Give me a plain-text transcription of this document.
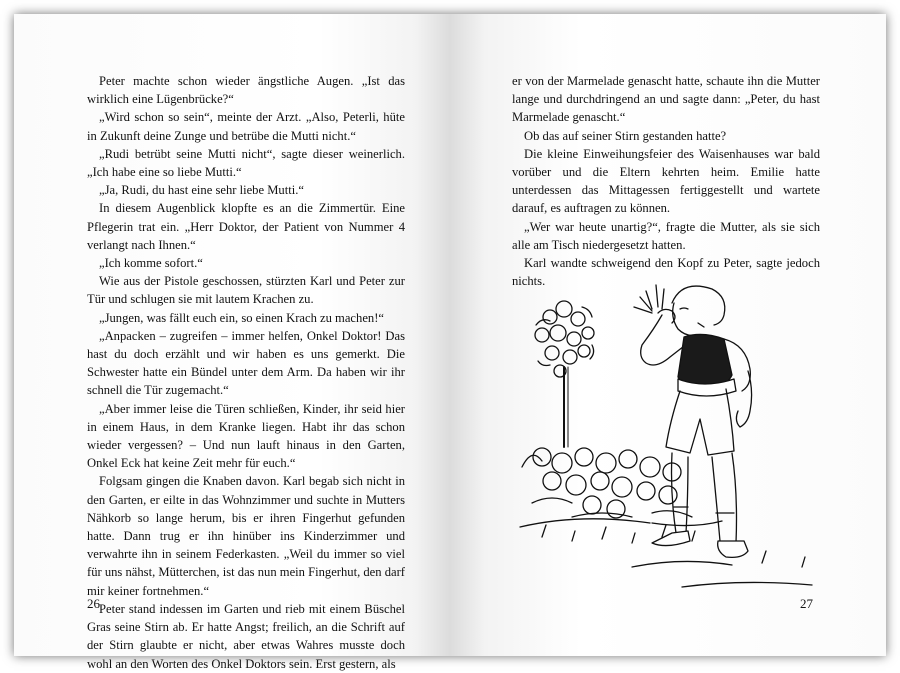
Peter machte schon wieder ängstliche Augen. „Ist das wirklich eine Lügenbrücke?“

„Wird schon so sein“, meinte der Arzt. „Also, Peterli, hüte in Zukunft deine Zunge und betrübe die Mutti nicht.“

„Rudi betrübt seine Mutti nicht“, sagte dieser weinerlich. „Ich habe eine so liebe Mutti.“

„Ja, Rudi, du hast eine sehr liebe Mutti.“

In diesem Augenblick klopfte es an die Zimmertür. Eine Pflegerin trat ein. „Herr Doktor, der Patient von Nummer 4 verlangt nach Ihnen.“

„Ich komme sofort.“

Wie aus der Pistole geschossen, stürzten Karl und Peter zur Tür und schlugen sie mit lautem Krachen zu.

„Jungen, was fällt euch ein, so einen Krach zu machen!“

„Anpacken – zugreifen – immer helfen, Onkel Doktor! Das hast du doch erzählt und wir haben es uns gemerkt. Die Schwester hatte ein Bündel unter dem Arm. Da haben wir ihr schnell die Tür zugemacht.“

„Aber immer leise die Türen schließen, Kinder, ihr seid hier in einem Haus, in dem Kranke liegen. Habt ihr das schon wieder vergessen? – Und nun lauft hinaus in den Garten, Onkel Eck hat keine Zeit mehr für euch.“

Folgsam gingen die Knaben davon. Karl begab sich nicht in den Garten, er eilte in das Wohnzimmer und suchte in Mutters Nähkorb so lange herum, bis er ihren Fingerhut gefunden hatte. Dann trug er ihn hinüber ins Kinderzimmer und verwahrte ihn in seinem Federkasten. „Weil du immer so viel für uns nähst, Mütterchen, ist das nun mein Fingerhut, den darf mir keiner fortnehmen.“

Peter stand indessen im Garten und rieb mit einem Büschel Gras seine Stirn ab. Er hatte Angst; freilich, an die Schrift auf der Stirn glaubte er nicht, aber etwas Wahres musste doch wohl an den Worten des Onkel Doktors sein. Erst gestern, als

26

er von der Marmelade genascht hatte, schaute ihn die Mutter lange und durchdringend an und sagte dann: „Peter, du hast Marmelade genascht.“

Ob das auf seiner Stirn gestanden hatte?

Die kleine Einweihungsfeier des Waisenhauses war bald vorüber und die Eltern kehrten heim. Emilie hatte unterdessen das Mittagessen fertiggestellt und wartete darauf, es auftragen zu können.

„Wer war heute unartig?“, fragte die Mutter, als sie sich alle am Tisch niedergesetzt hatten.

Karl wandte schweigend den Kopf zu Peter, sagte jedoch nichts.

27
